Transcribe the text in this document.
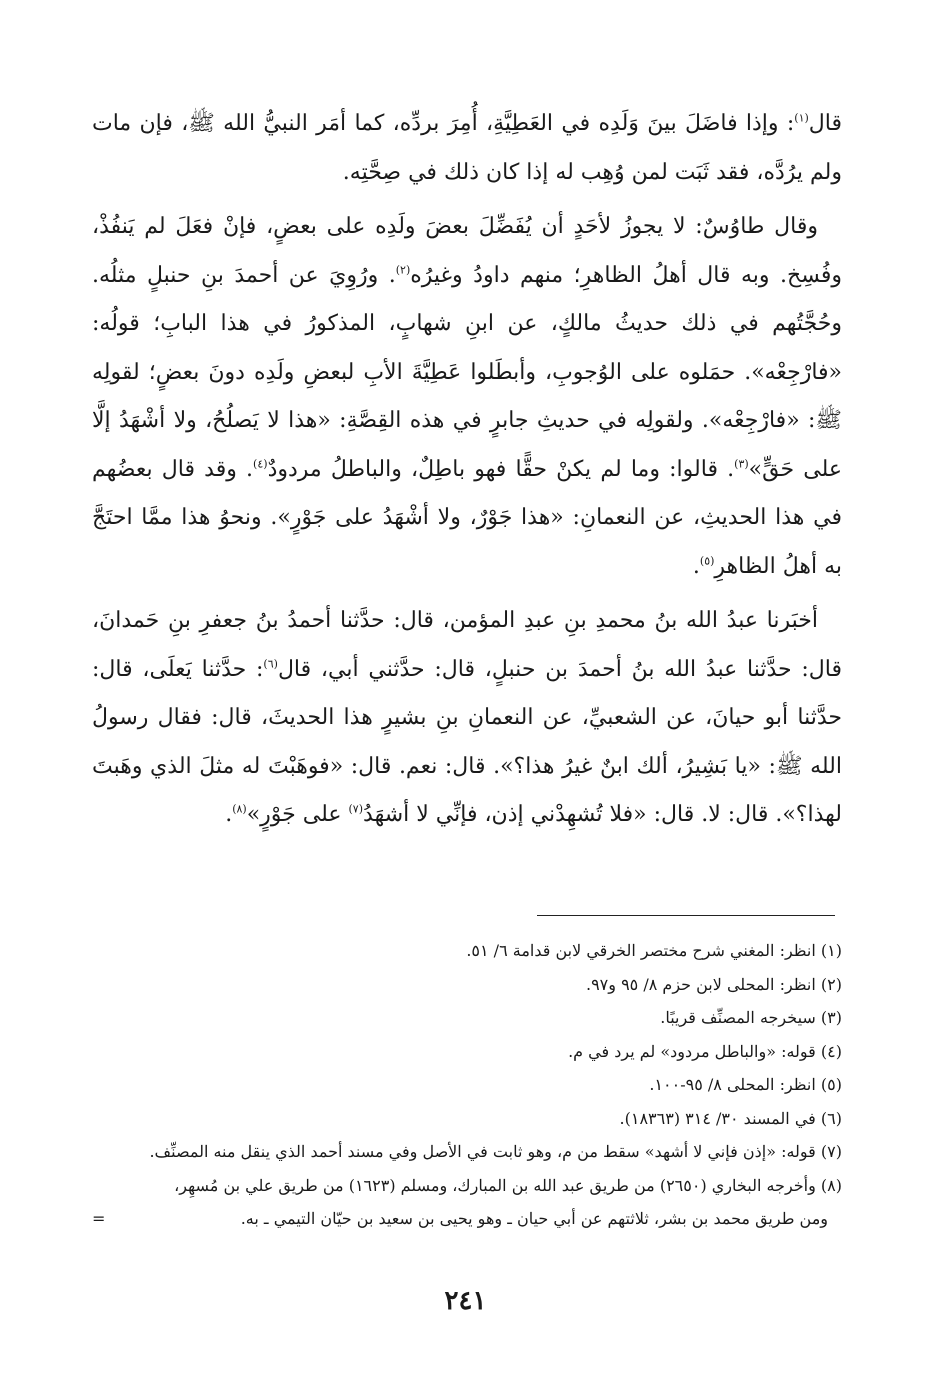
قال$^{(١)}$: وإذا فاضَلَ بينَ وَلَدِه في العَطِيَّةِ، أُمِرَ بردِّه، كما أمَر النبيُّ الله ﷺ، فإن مات ولم يرُدَّه، فقد ثَبَت لمن وُهِب له إذا كان ذلك في صِحَّتِه.

وقال طاوُسٌ: لا يجوزُ لأحَدٍ أن يُفَضِّلَ بعضَ ولَدِه على بعضٍ، فإنْ فعَلَ لم يَنفُذْ، وفُسِخ. وبه قال أهلُ الظاهرِ؛ منهم داودُ وغيرُه$^{(٢)}$. ورُوِيَ عن أحمدَ بنِ حنبلٍ مثلُه. وحُجَّتُهم في ذلك حديثُ مالكٍ، عن ابنِ شهابٍ، المذكورُ في هذا البابِ؛ قولُه: «فارْجِعْه». حمَلوه على الوُجوبِ، وأبطَلوا عَطِيَّةَ الأبِ لبعضِ ولَدِه دونَ بعضٍ؛ لقولِه ﷺ: «فارْجِعْه». ولقولِه في حديثِ جابرٍ في هذه القِصَّةِ: «هذا لا يَصلُحُ، ولا أشْهَدُ إلَّا على حَقٍّ»$^{(٣)}$. قالوا: وما لم يكنْ حقًّا فهو باطِلٌ، والباطلُ مردودٌ$^{(٤)}$. وقد قال بعضُهم في هذا الحديثِ، عن النعمانِ: «هذا جَوْرٌ، ولا أشْهَدُ على جَوْرٍ». ونحوُ هذا ممَّا احتَجَّ به أهلُ الظاهرِ$^{(٥)}$.

أخبَرنا عبدُ الله بنُ محمدِ بنِ عبدِ المؤمن، قال: حدَّثنا أحمدُ بنُ جعفرِ بنِ حَمدانَ، قال: حدَّثنا عبدُ الله بنُ أحمدَ بن حنبلٍ، قال: حدَّثني أبي، قال$^{(٦)}$: حدَّثنا يَعلَى، قال: حدَّثنا أبو حيانَ، عن الشعبيِّ، عن النعمانِ بنِ بشيرٍ هذا الحديثَ، قال: فقال رسولُ الله ﷺ: «يا بَشِيرُ، ألك ابنٌ غيرُ هذا؟». قال: نعم. قال: «فوهَبْتَ له مثلَ الذي وهَبتَ لهذا؟». قال: لا. قال: «فلا تُشهِدْني إذن، فإنِّي لا أشهَدُ$^{(٧)}$ على جَوْرٍ»$^{(٨)}$.

(١) انظر: المغني شرح مختصر الخرقي لابن قدامة ٦/ ٥١.

(٢) انظر: المحلى لابن حزم ٨/ ٩٥ و٩٧.

(٣) سيخرجه المصنِّف قريبًا.

(٤) قوله: «والباطل مردود» لم يرد في م.

(٥) انظر: المحلى ٨/ ٩٥-١٠٠.

(٦) في المسند ٣٠/ ٣١٤ (١٨٣٦٣).

(٧) قوله: «إذن فإني لا أشهد» سقط من م، وهو ثابت في الأصل وفي مسند أحمد الذي ينقل منه المصنِّف.

(٨) وأخرجه البخاري (٢٦٥٠) من طريق عبد الله بن المبارك، ومسلم (١٦٢٣) من طريق علي بن مُسهِر،

ومن طريق محمد بن بشر، ثلاثتهم عن أبي حيان ـ وهو يحيى بن سعيد بن حيّان التيمي ـ به.
=

٢٤١
